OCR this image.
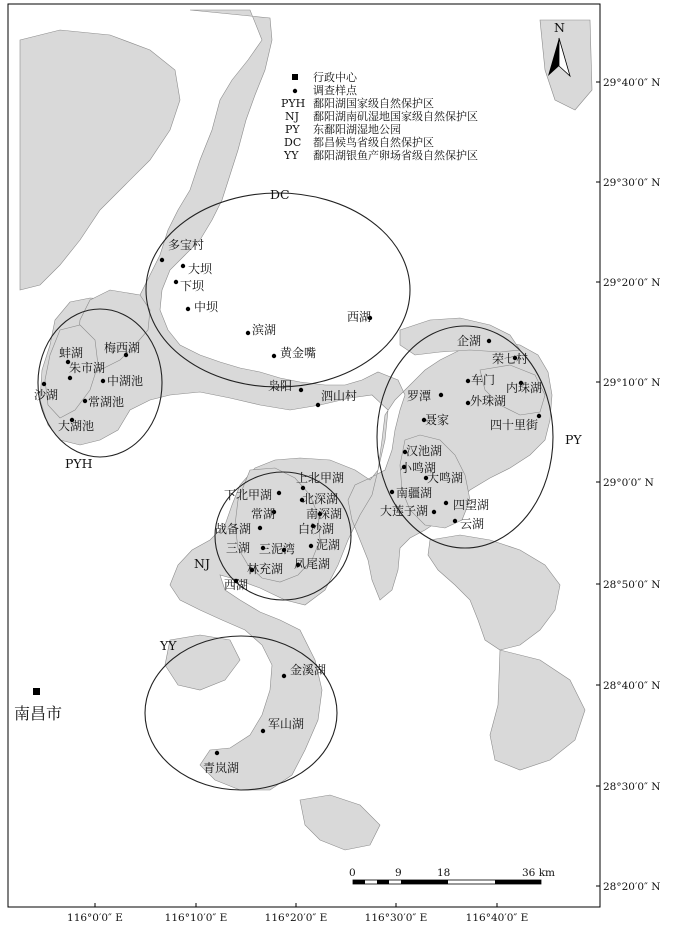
DC
PYH
PY
NJ
YY
N
行政中心
调查样点
PYH 鄱阳湖国家级自然保护区
NJ 鄱阳湖南矶湿地国家级自然保护区
PY 东鄱阳湖湿地公园
DC 都昌候鸟省级自然保护区
YY 鄱阳湖银鱼产卵场省级自然保护区
南昌市
多宝村
大坝
下坝
中坝
滨湖
黄金嘴
枭阳
泗山村
西湖
梅西湖
蚌湖
朱市湖
中湖池
沙湖 常湖池
大湖池
企湖
荣七村
车门
内珠湖
罗潭	外珠湖
聂家	四十里街
汉池湖
小鸣湖
大鸣湖
南疆湖
大莲子湖 四望湖
云湖
上北甲湖
下北甲湖 北深湖
常湖	南深湖
战备湖	白沙湖
三湖 三泥湾 泥湖
凤尾湖
林充湖
西湖
金溪湖
军山湖
青岚湖
29°40′0″ N
29°30′0″ N
29°20′0″ N
29°10′0″ N
29°0′0″ N
28°50′0″ N
28°40′0″ N
28°30′0″ N
28°20′0″ N
116°0′0″ E	116°10′0″ E	116°20′0″ E	116°30′0″ E	116°40′0″ E
0	9	18	36 km
